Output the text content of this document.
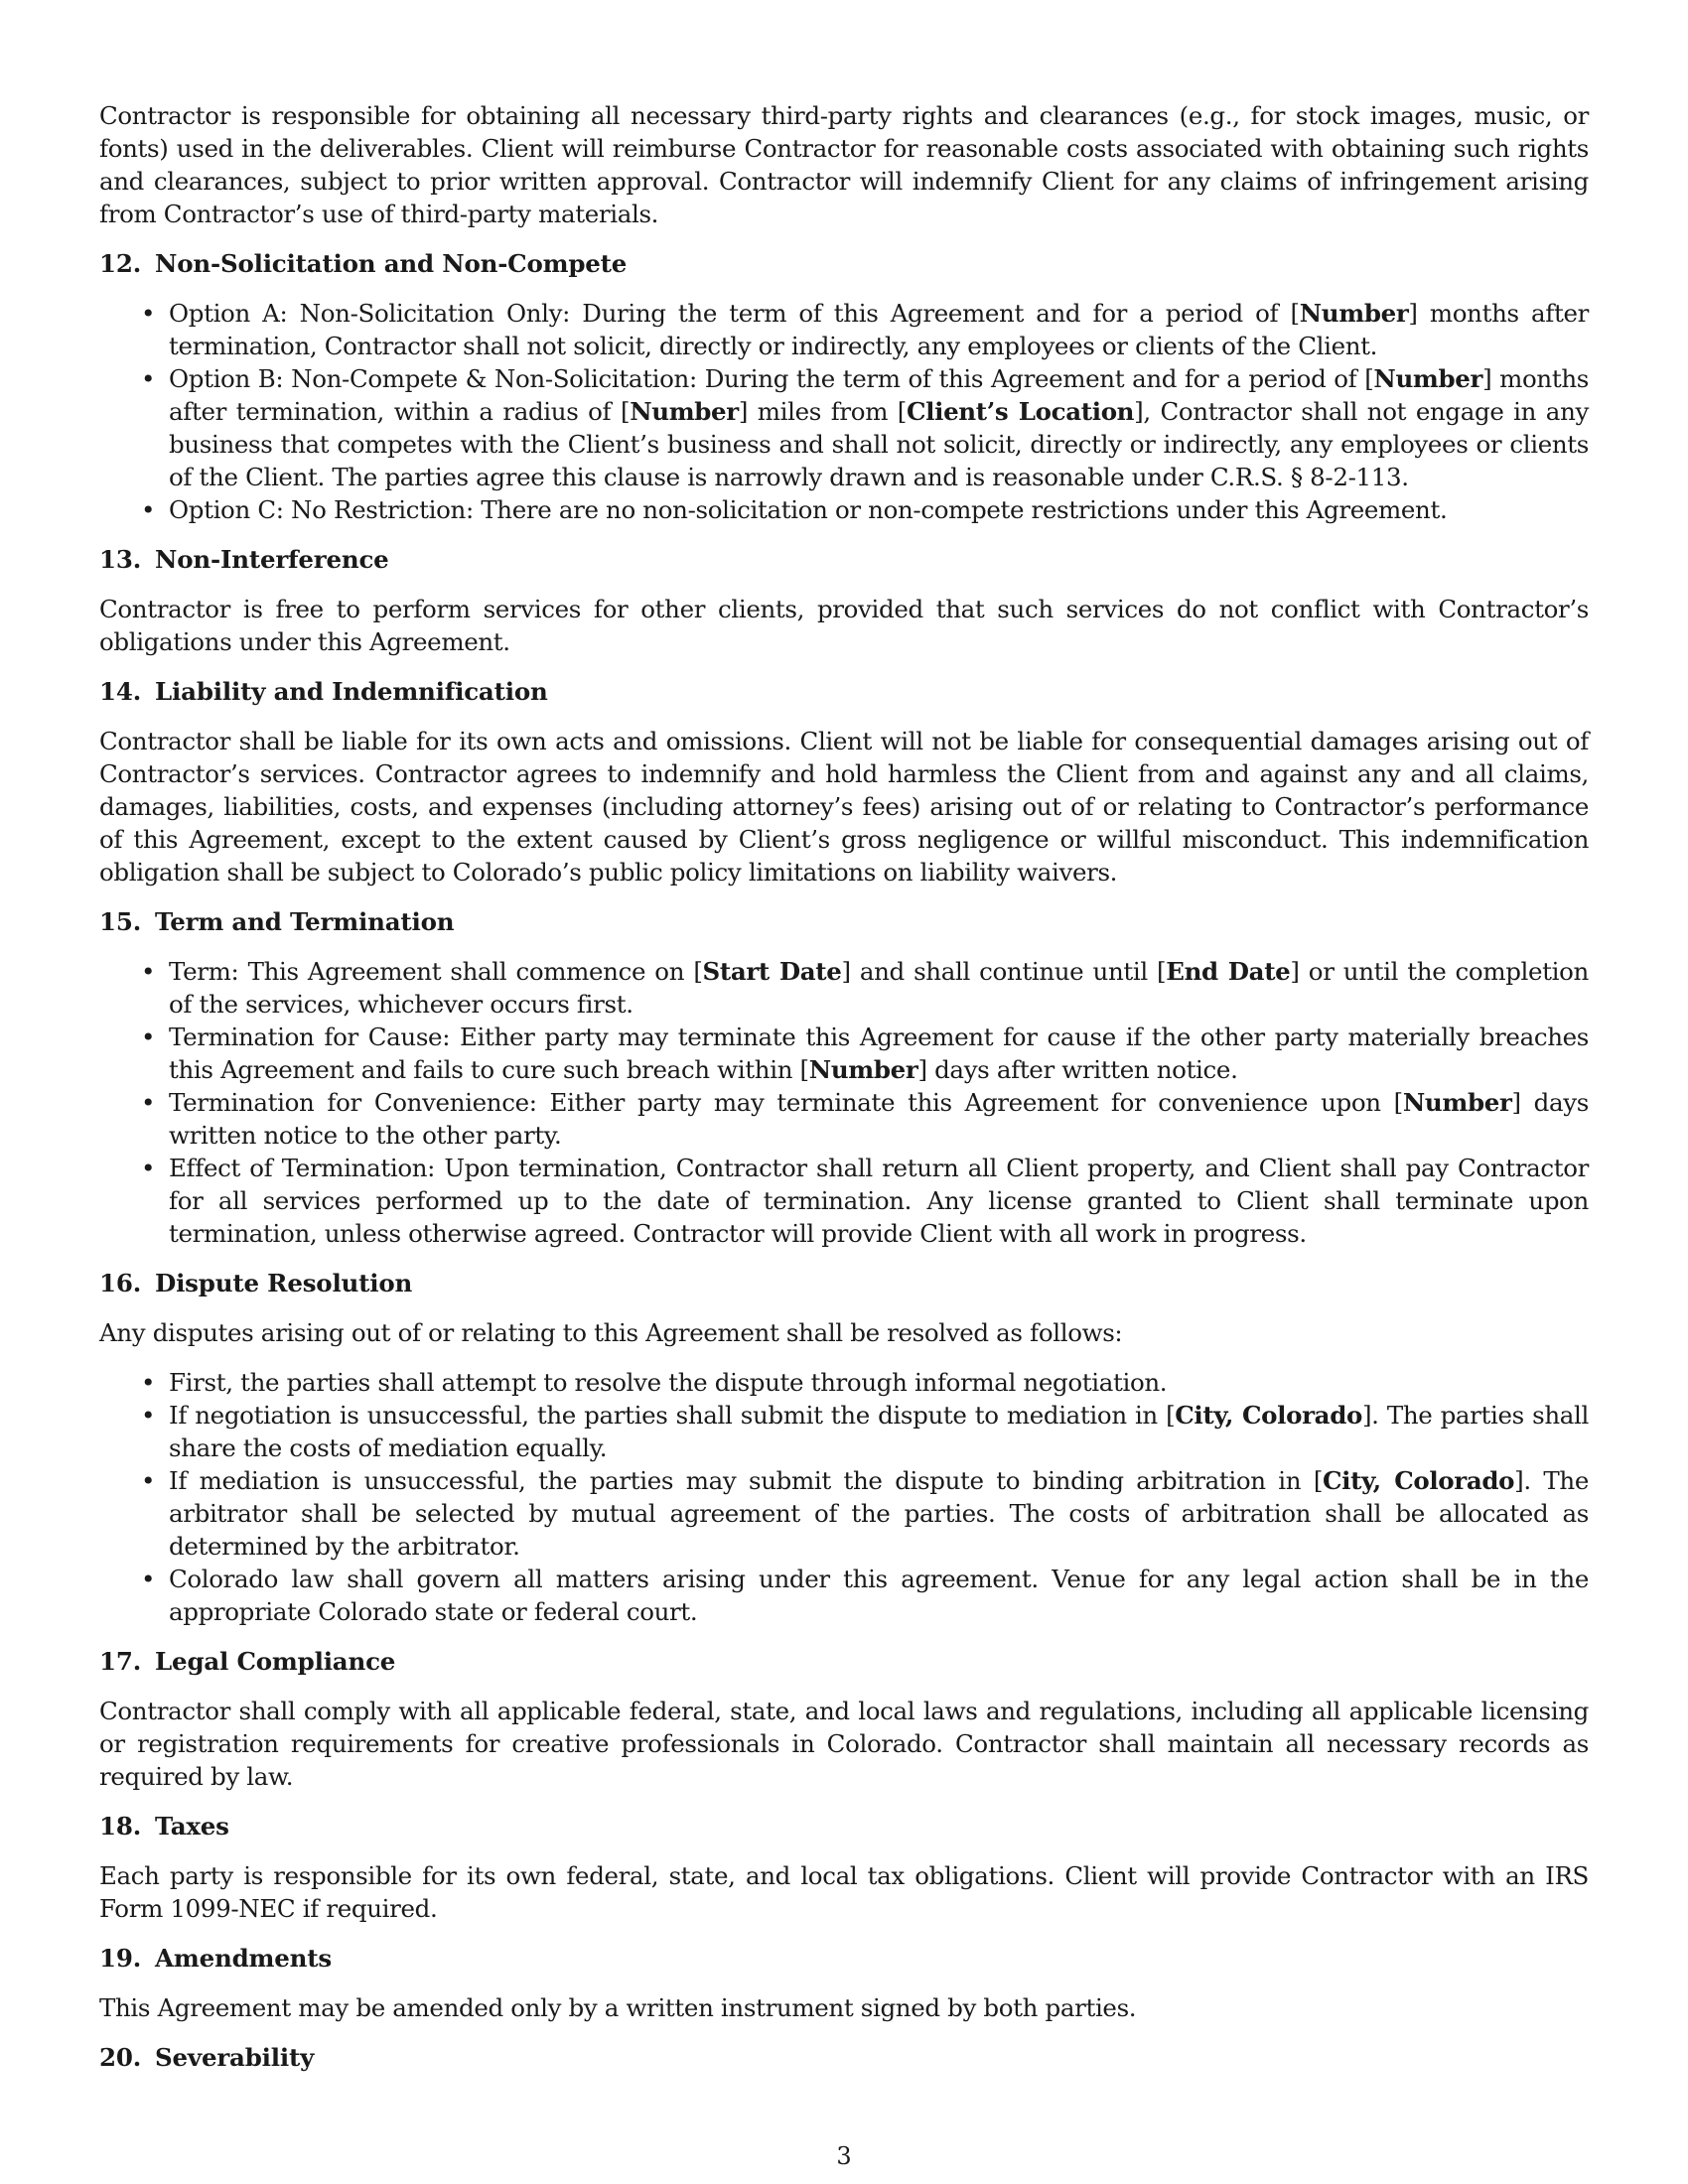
Contractor is responsible for obtaining all necessary third-party rights and clearances (e.g., for stock images, music, or fonts) used in the deliverables. Client will reimburse Contractor for reasonable costs associated with obtaining such rights and clearances, subject to prior written approval. Contractor will indemnify Client for any claims of infringement arising from Contractor’s use of third-party materials.

12. Non-Solicitation and Non-Compete
• Option A: Non-Solicitation Only: During the term of this Agreement and for a period of [Number] months after termination, Contractor shall not solicit, directly or indirectly, any employees or clients of the Client.
• Option B: Non-Compete & Non-Solicitation: During the term of this Agreement and for a period of [Number] months after termination, within a radius of [Number] miles from [Client’s Location], Contractor shall not engage in any business that competes with the Client’s business and shall not solicit, directly or indirectly, any employees or clients of the Client. The parties agree this clause is narrowly drawn and is reasonable under C.R.S. § 8-2-113.
• Option C: No Restriction: There are no non-solicitation or non-compete restrictions under this Agreement.
13. Non-Interference

Contractor is free to perform services for other clients, provided that such services do not conflict with Contractor’s obligations under this Agreement.

14. Liability and Indemnification

Contractor shall be liable for its own acts and omissions. Client will not be liable for consequential damages arising out of Contractor’s services. Contractor agrees to indemnify and hold harmless the Client from and against any and all claims, damages, liabilities, costs, and expenses (including attorney’s fees) arising out of or relating to Contractor’s performance of this Agreement, except to the extent caused by Client’s gross negligence or willful misconduct. This indemnification obligation shall be subject to Colorado’s public policy limitations on liability waivers.

15. Term and Termination
• Term: This Agreement shall commence on [Start Date] and shall continue until [End Date] or until the completion of the services, whichever occurs first.
• Termination for Cause: Either party may terminate this Agreement for cause if the other party materially breaches this Agreement and fails to cure such breach within [Number] days after written notice.
• Termination for Convenience: Either party may terminate this Agreement for convenience upon [Number] days written notice to the other party.
• Effect of Termination: Upon termination, Contractor shall return all Client property, and Client shall pay Contractor for all services performed up to the date of termination. Any license granted to Client shall terminate upon termination, unless otherwise agreed. Contractor will provide Client with all work in progress.
16. Dispute Resolution

Any disputes arising out of or relating to this Agreement shall be resolved as follows:

• First, the parties shall attempt to resolve the dispute through informal negotiation.
• If negotiation is unsuccessful, the parties shall submit the dispute to mediation in [City, Colorado]. The parties shall share the costs of mediation equally.
• If mediation is unsuccessful, the parties may submit the dispute to binding arbitration in [City, Colorado]. The arbitrator shall be selected by mutual agreement of the parties. The costs of arbitration shall be allocated as determined by the arbitrator.
• Colorado law shall govern all matters arising under this agreement. Venue for any legal action shall be in the appropriate Colorado state or federal court.
17. Legal Compliance

Contractor shall comply with all applicable federal, state, and local laws and regulations, including all applicable licensing or registration requirements for creative professionals in Colorado. Contractor shall maintain all necessary records as required by law.

18. Taxes

Each party is responsible for its own federal, state, and local tax obligations. Client will provide Contractor with an IRS Form 1099-NEC if required.

19. Amendments

This Agreement may be amended only by a written instrument signed by both parties.

20. Severability
3
